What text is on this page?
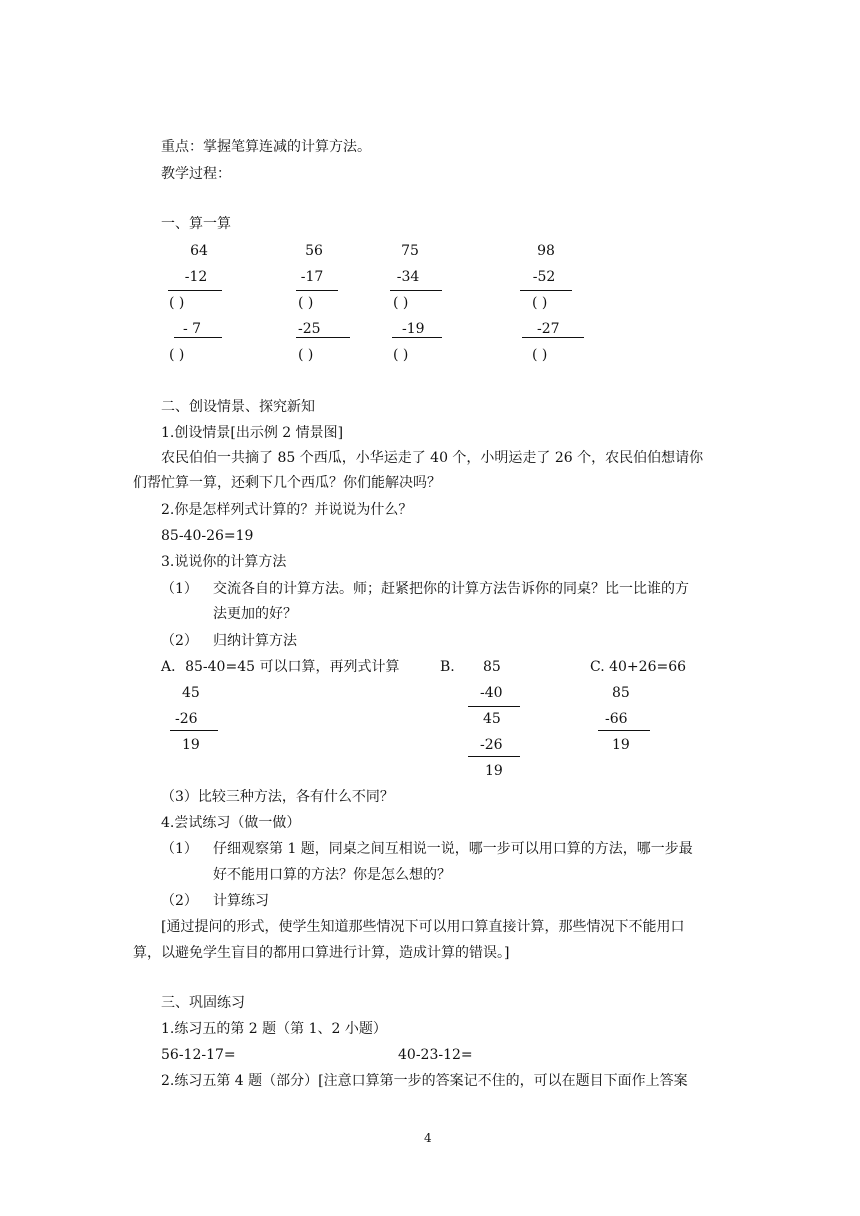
重点：掌握笔算连减的计算方法。
教学过程：
一、算一算
64
-12
( )
- 7
( )
56
-17
( )
-25
( )
75
-34
( )
-19
( )
98
-52
( )
-27
( )
二、创设情景、探究新知
1.创设情景[出示例 2 情景图]
农民伯伯一共摘了 85 个西瓜，小华运走了 40 个，小明运走了 26 个，农民伯伯想请你
们帮忙算一算，还剩下几个西瓜？你们能解决吗？
2.你是怎样列式计算的？并说说为什么？
85-40-26=19
3.说说你的计算方法
（1） 交流各自的计算方法。师；赶紧把你的计算方法告诉你的同桌？比一比谁的方
法更加的好？
（2） 归纳计算方法
A．85-40=45 可以口算，再列式计算
45
-26
19
B. 85
-40
45
-26
19
C. 40+26=66
85
-66
19
（3）比较三种方法，各有什么不同？
4.尝试练习（做一做）
（1） 仔细观察第 1 题，同桌之间互相说一说，哪一步可以用口算的方法，哪一步最
好不能用口算的方法？你是怎么想的？
（2） 计算练习
[通过提问的形式，使学生知道那些情况下可以用口算直接计算，那些情况下不能用口
算，以避免学生盲目的都用口算进行计算，造成计算的错误。]
三、巩固练习
1.练习五的第 2 题（第 1、2 小题）
56-12-17=	40-23-12=
2.练习五第 4 题（部分）[注意口算第一步的答案记不住的，可以在题目下面作上答案
4
